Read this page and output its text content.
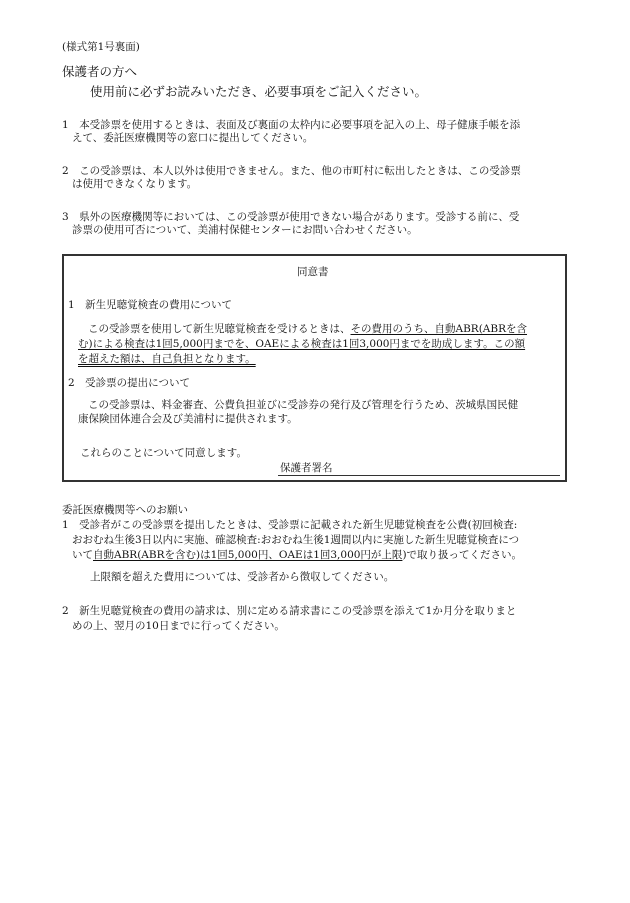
(様式第1号裏面)
保護者の方へ
使用前に必ずお読みいただき、必要事項をご記入ください。
1　 本受診票を使用するときは、表面及び裏面の太枠内に必要事項を記入の上、母子健康手帳を添
えて、委託医療機関等の窓口に提出してください。
2　 この受診票は、本人以外は使用できません。また、他の市町村に転出したときは、この受診票
は使用できなくなります。
3　 県外の医療機関等においては、この受診票が使用できない場合があります。受診する前に、受
診票の使用可否について、美浦村保健センターにお問い合わせください。
同意書
1　新生児聴覚検査の費用について
この受診票を使用して新生児聴覚検査を受けるときは、その費用のうち、自動ABR(ABRを含
む)による検査は1回5,000円までを、OAEによる検査は1回3,000円までを助成します。この額
を超えた額は、自己負担となります。
2　受診票の提出について
この受診票は、料金審査、公費負担並びに受診券の発行及び管理を行うため、茨城県国民健
康保険団体連合会及び美浦村に提供されます。
これらのことについて同意します。
保護者署名
委託医療機関等へのお願い
1　受診者がこの受診票を提出したときは、受診票に記載された新生児聴覚検査を公費(初回検査:
おおむね生後3日以内に実施、確認検査:おおむね生後1週間以内に実施した新生児聴覚検査につ
いて自動ABR(ABRを含む)は1回5,000円、OAEは1回3,000円が上限)で取り扱ってください。
上限額を超えた費用については、受診者から徴収してください。
2　新生児聴覚検査の費用の請求は、別に定める請求書にこの受診票を添えて1か月分を取りまと
めの上、翌月の10日までに行ってください。
